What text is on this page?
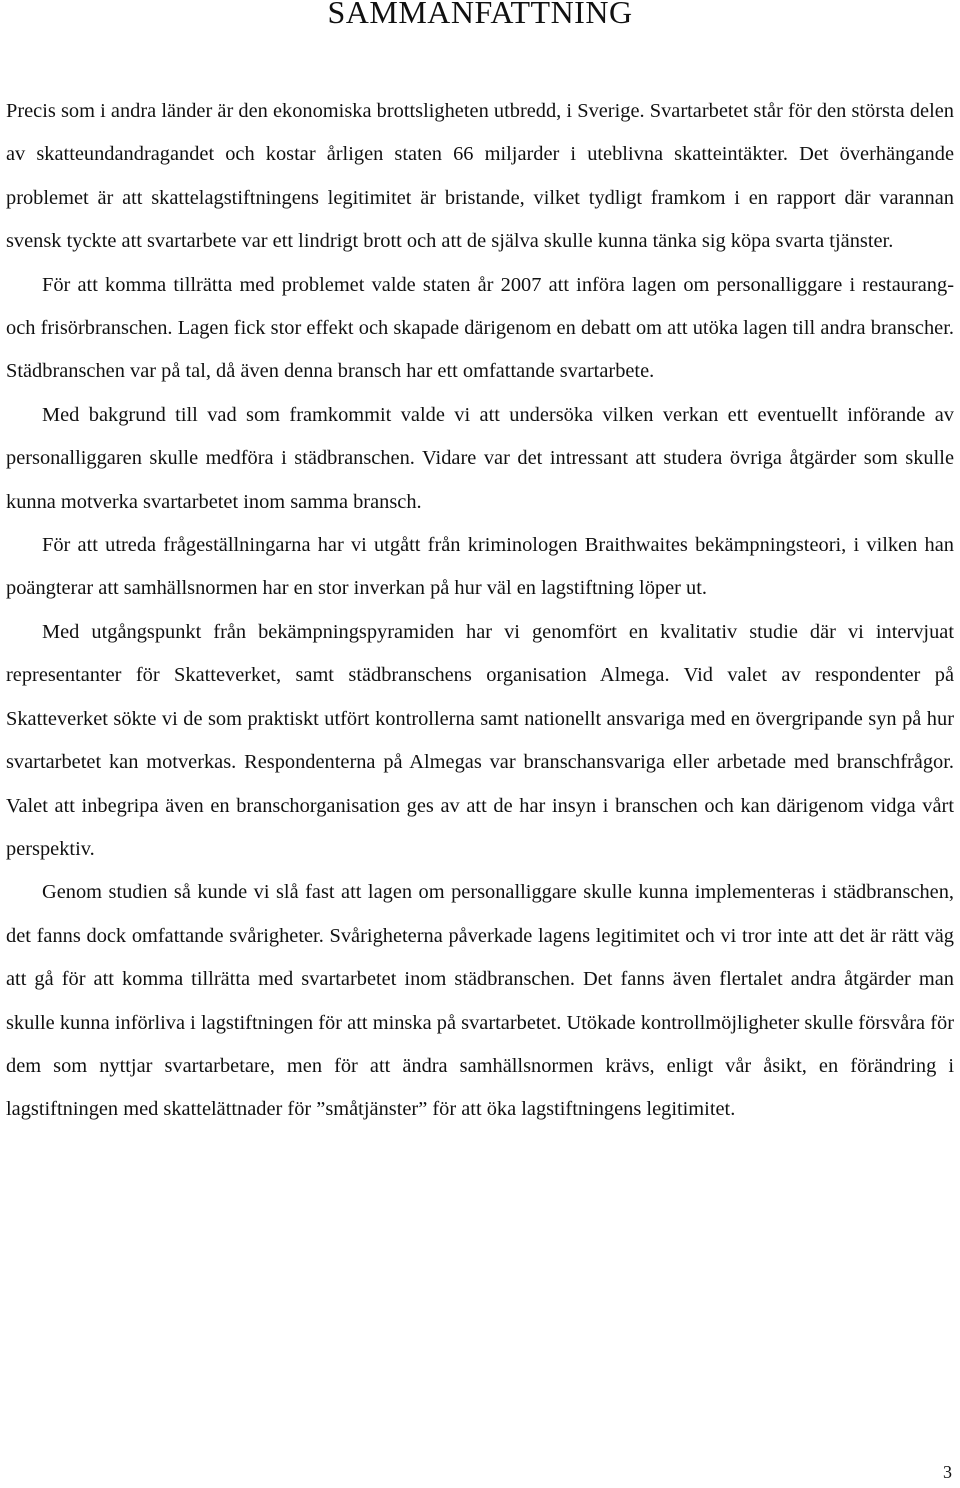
SAMMANFATTNING

Precis som i andra länder är den ekonomiska brottsligheten utbredd, i Sverige. Svartarbetet står för den största delen av skatteundandragandet och kostar årligen staten 66 miljarder i uteblivna skatteintäkter. Det överhängande problemet är att skattelagstiftningens legitimitet är bristande, vilket tydligt framkom i en rapport där varannan svensk tyckte att svartarbete var ett lindrigt brott och att de själva skulle kunna tänka sig köpa svarta tjänster.

För att komma tillrätta med problemet valde staten år 2007 att införa lagen om personalliggare i restaurang- och frisörbranschen. Lagen fick stor effekt och skapade därigenom en debatt om att utöka lagen till andra branscher. Städbranschen var på tal, då även denna bransch har ett omfattande svartarbete.

Med bakgrund till vad som framkommit valde vi att undersöka vilken verkan ett eventuellt införande av personalliggaren skulle medföra i städbranschen. Vidare var det intressant att studera övriga åtgärder som skulle kunna motverka svartarbetet inom samma bransch.

För att utreda frågeställningarna har vi utgått från kriminologen Braithwaites bekämpningsteori, i vilken han poängterar att samhällsnormen har en stor inverkan på hur väl en lagstiftning löper ut.

Med utgångspunkt från bekämpningspyramiden har vi genomfört en kvalitativ studie där vi intervjuat representanter för Skatteverket, samt städbranschens organisation Almega. Vid valet av respondenter på Skatteverket sökte vi de som praktiskt utfört kontrollerna samt nationellt ansvariga med en övergripande syn på hur svartarbetet kan motverkas. Respondenterna på Almegas var branschansvariga eller arbetade med branschfrågor. Valet att inbegripa även en branschorganisation ges av att de har insyn i branschen och kan därigenom vidga vårt perspektiv.

Genom studien så kunde vi slå fast att lagen om personalliggare skulle kunna implementeras i städbranschen, det fanns dock omfattande svårigheter. Svårigheterna påverkade lagens legitimitet och vi tror inte att det är rätt väg att gå för att komma tillrätta med svartarbetet inom städbranschen. Det fanns även flertalet andra åtgärder man skulle kunna införliva i lagstiftningen för att minska på svartarbetet. Utökade kontrollmöjligheter skulle försvåra för dem som nyttjar svartarbetare, men för att ändra samhällsnormen krävs, enligt vår åsikt, en förändring i lagstiftningen med skattelättnader för ”småtjänster” för att öka lagstiftningens legitimitet.

3
